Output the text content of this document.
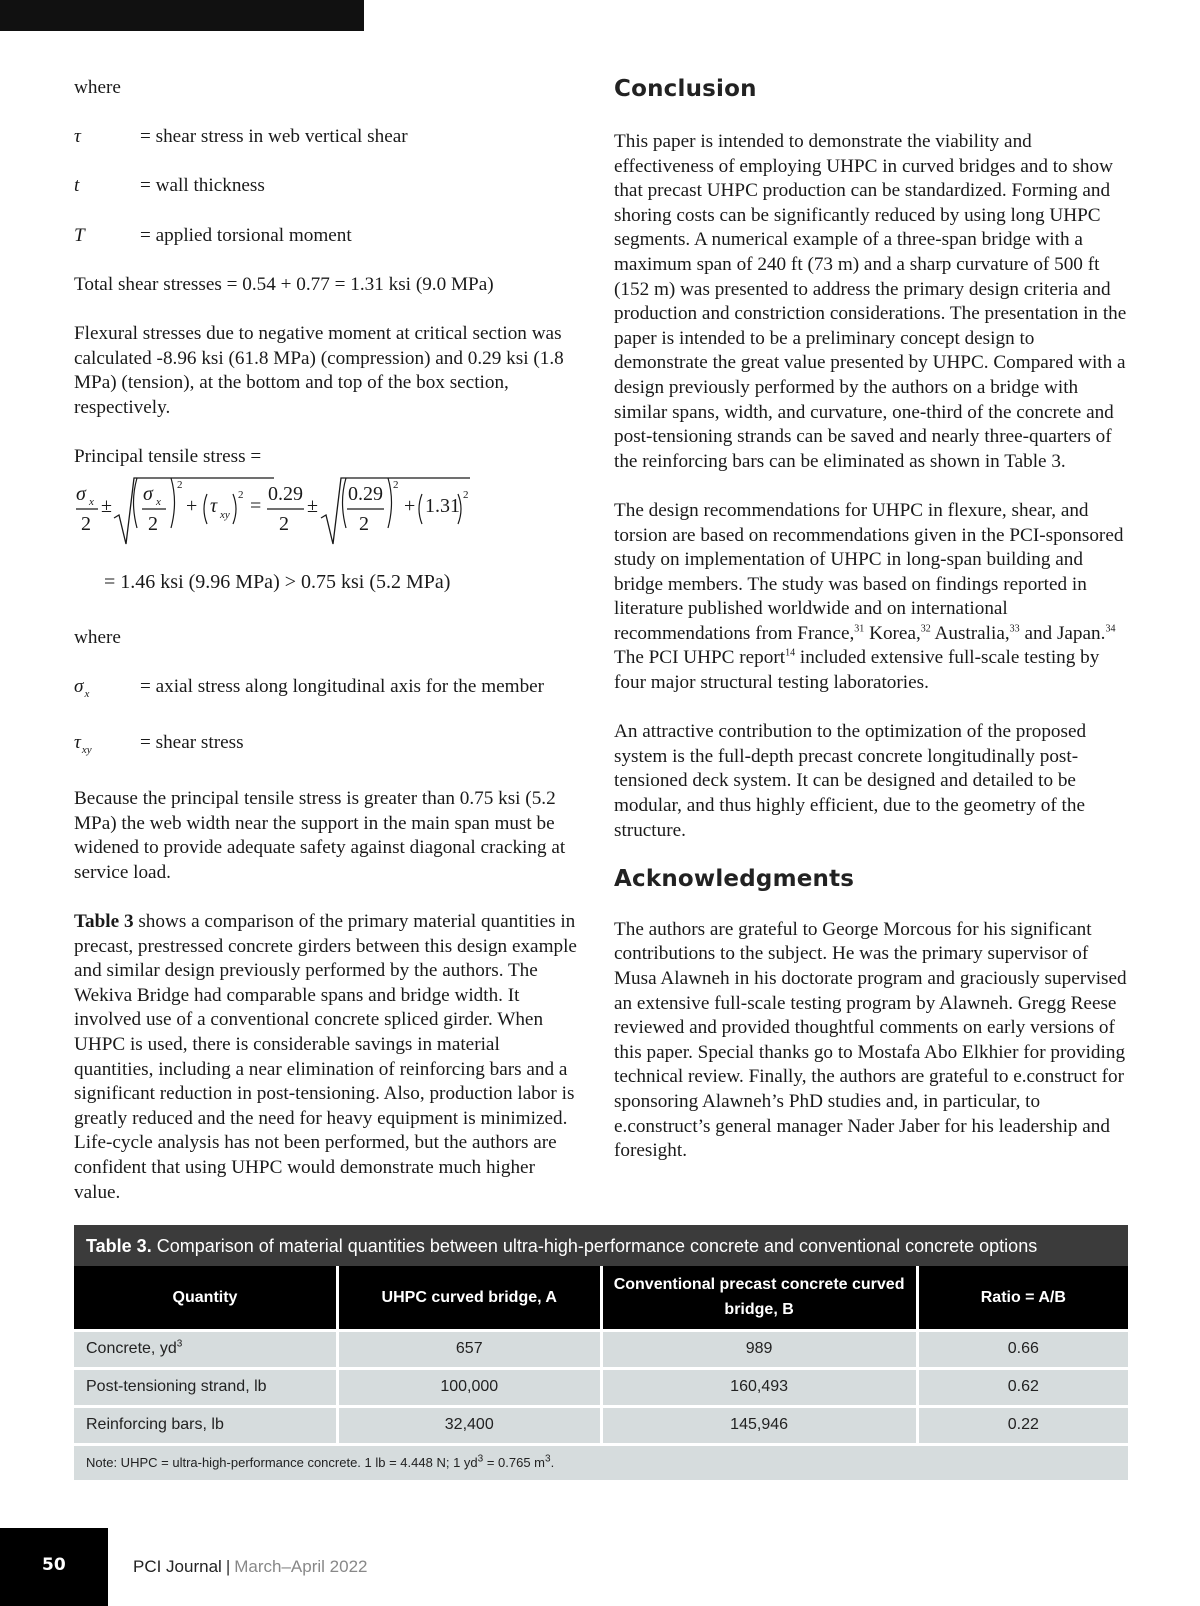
where

τ	= shear stress in web vertical shear
t	= wall thickness
T	= applied torsional moment

Total shear stresses = 0.54 + 0.77 = 1.31 ksi (9.0 MPa)

Flexural stresses due to negative moment at critical section was calculated -8.96 ksi (61.8 MPa) (compression) and 0.29 ksi (1.8 MPa) (tension), at the bottom and top of the box section, respectively.

Principal tensile stress =

σ x
2
±
σ x
2
2
+ τ xy
2 =
0.29
2
±
0.29
2
2
+ 1.31 2
= 1.46 ksi (9.96 MPa) > 0.75 ksi (5.2 MPa)

where

$\sigma_x$	= axial stress along longitudinal axis for the member
$\tau_{xy}$	= shear stress

Because the principal tensile stress is greater than 0.75 ksi (5.2 MPa) the web width near the support in the main span must be widened to provide adequate safety against diagonal cracking at service load.

Table 3 shows a comparison of the primary material quantities in precast, prestressed concrete girders between this design example and similar design previously performed by the authors. The Wekiva Bridge had comparable spans and bridge width. It involved use of a conventional concrete spliced girder. When UHPC is used, there is considerable savings in material quantities, including a near elimination of reinforcing bars and a significant reduction in post-tensioning. Also, production labor is greatly reduced and the need for heavy equipment is minimized. Life-cycle analysis has not been performed, but the authors are confident that using UHPC would demonstrate much higher value.

Conclusion

This paper is intended to demonstrate the viability and effectiveness of employing UHPC in curved bridges and to show that precast UHPC production can be standardized. Forming and shoring costs can be significantly reduced by using long UHPC segments. A numerical example of a three-span bridge with a maximum span of 240 ft (73 m) and a sharp curvature of 500 ft (152 m) was presented to address the primary design criteria and production and constriction considerations. The presentation in the paper is intended to be a preliminary concept design to demonstrate the great value presented by UHPC. Compared with a design previously performed by the authors on a bridge with similar spans, width, and curvature, one-third of the concrete and post-tensioning strands can be saved and nearly three-quarters of the reinforcing bars can be eliminated as shown in Table 3.

The design recommendations for UHPC in flexure, shear, and torsion are based on recommendations given in the PCI-sponsored study on implementation of UHPC in long-span building and bridge members. The study was based on findings reported in literature published worldwide and on international recommendations from France,$^{31}$ Korea,$^{32}$ Australia,$^{33}$ and Japan.$^{34}$ The PCI UHPC report$^{14}$ included extensive full-scale testing by four major structural testing laboratories.

An attractive contribution to the optimization of the proposed system is the full-depth precast concrete longitudinally post-tensioned deck system. It can be designed and detailed to be modular, and thus highly efficient, due to the geometry of the structure.

Acknowledgments

The authors are grateful to George Morcous for his significant contributions to the subject. He was the primary supervisor of Musa Alawneh in his doctorate program and graciously supervised an extensive full-scale testing program by Alawneh. Gregg Reese reviewed and provided thoughtful comments on early versions of this paper. Special thanks go to Mostafa Abo Elkhier for providing technical review. Finally, the authors are grateful to e.construct for sponsoring Alawneh’s PhD studies and, in particular, to e.construct’s general manager Nader Jaber for his leadership and foresight.

Table 3. Comparison of material quantities between ultra-high-performance concrete and conventional concrete options
Quantity	UHPC curved bridge, A	Conventional precast concrete curved bridge, B	Ratio = A/B
Concrete, $yd^3$	657	989	0.66
Post-tensioning strand, lb	100,000	160,493	0.62
Reinforcing bars, lb	32,400	145,946	0.22
Note: UHPC = ultra-high-performance concrete. 1 lb = 4.448 N; 1 $yd^3 = 0.765$ $m^3$.			
50	PCI Journal | March–April 2022
